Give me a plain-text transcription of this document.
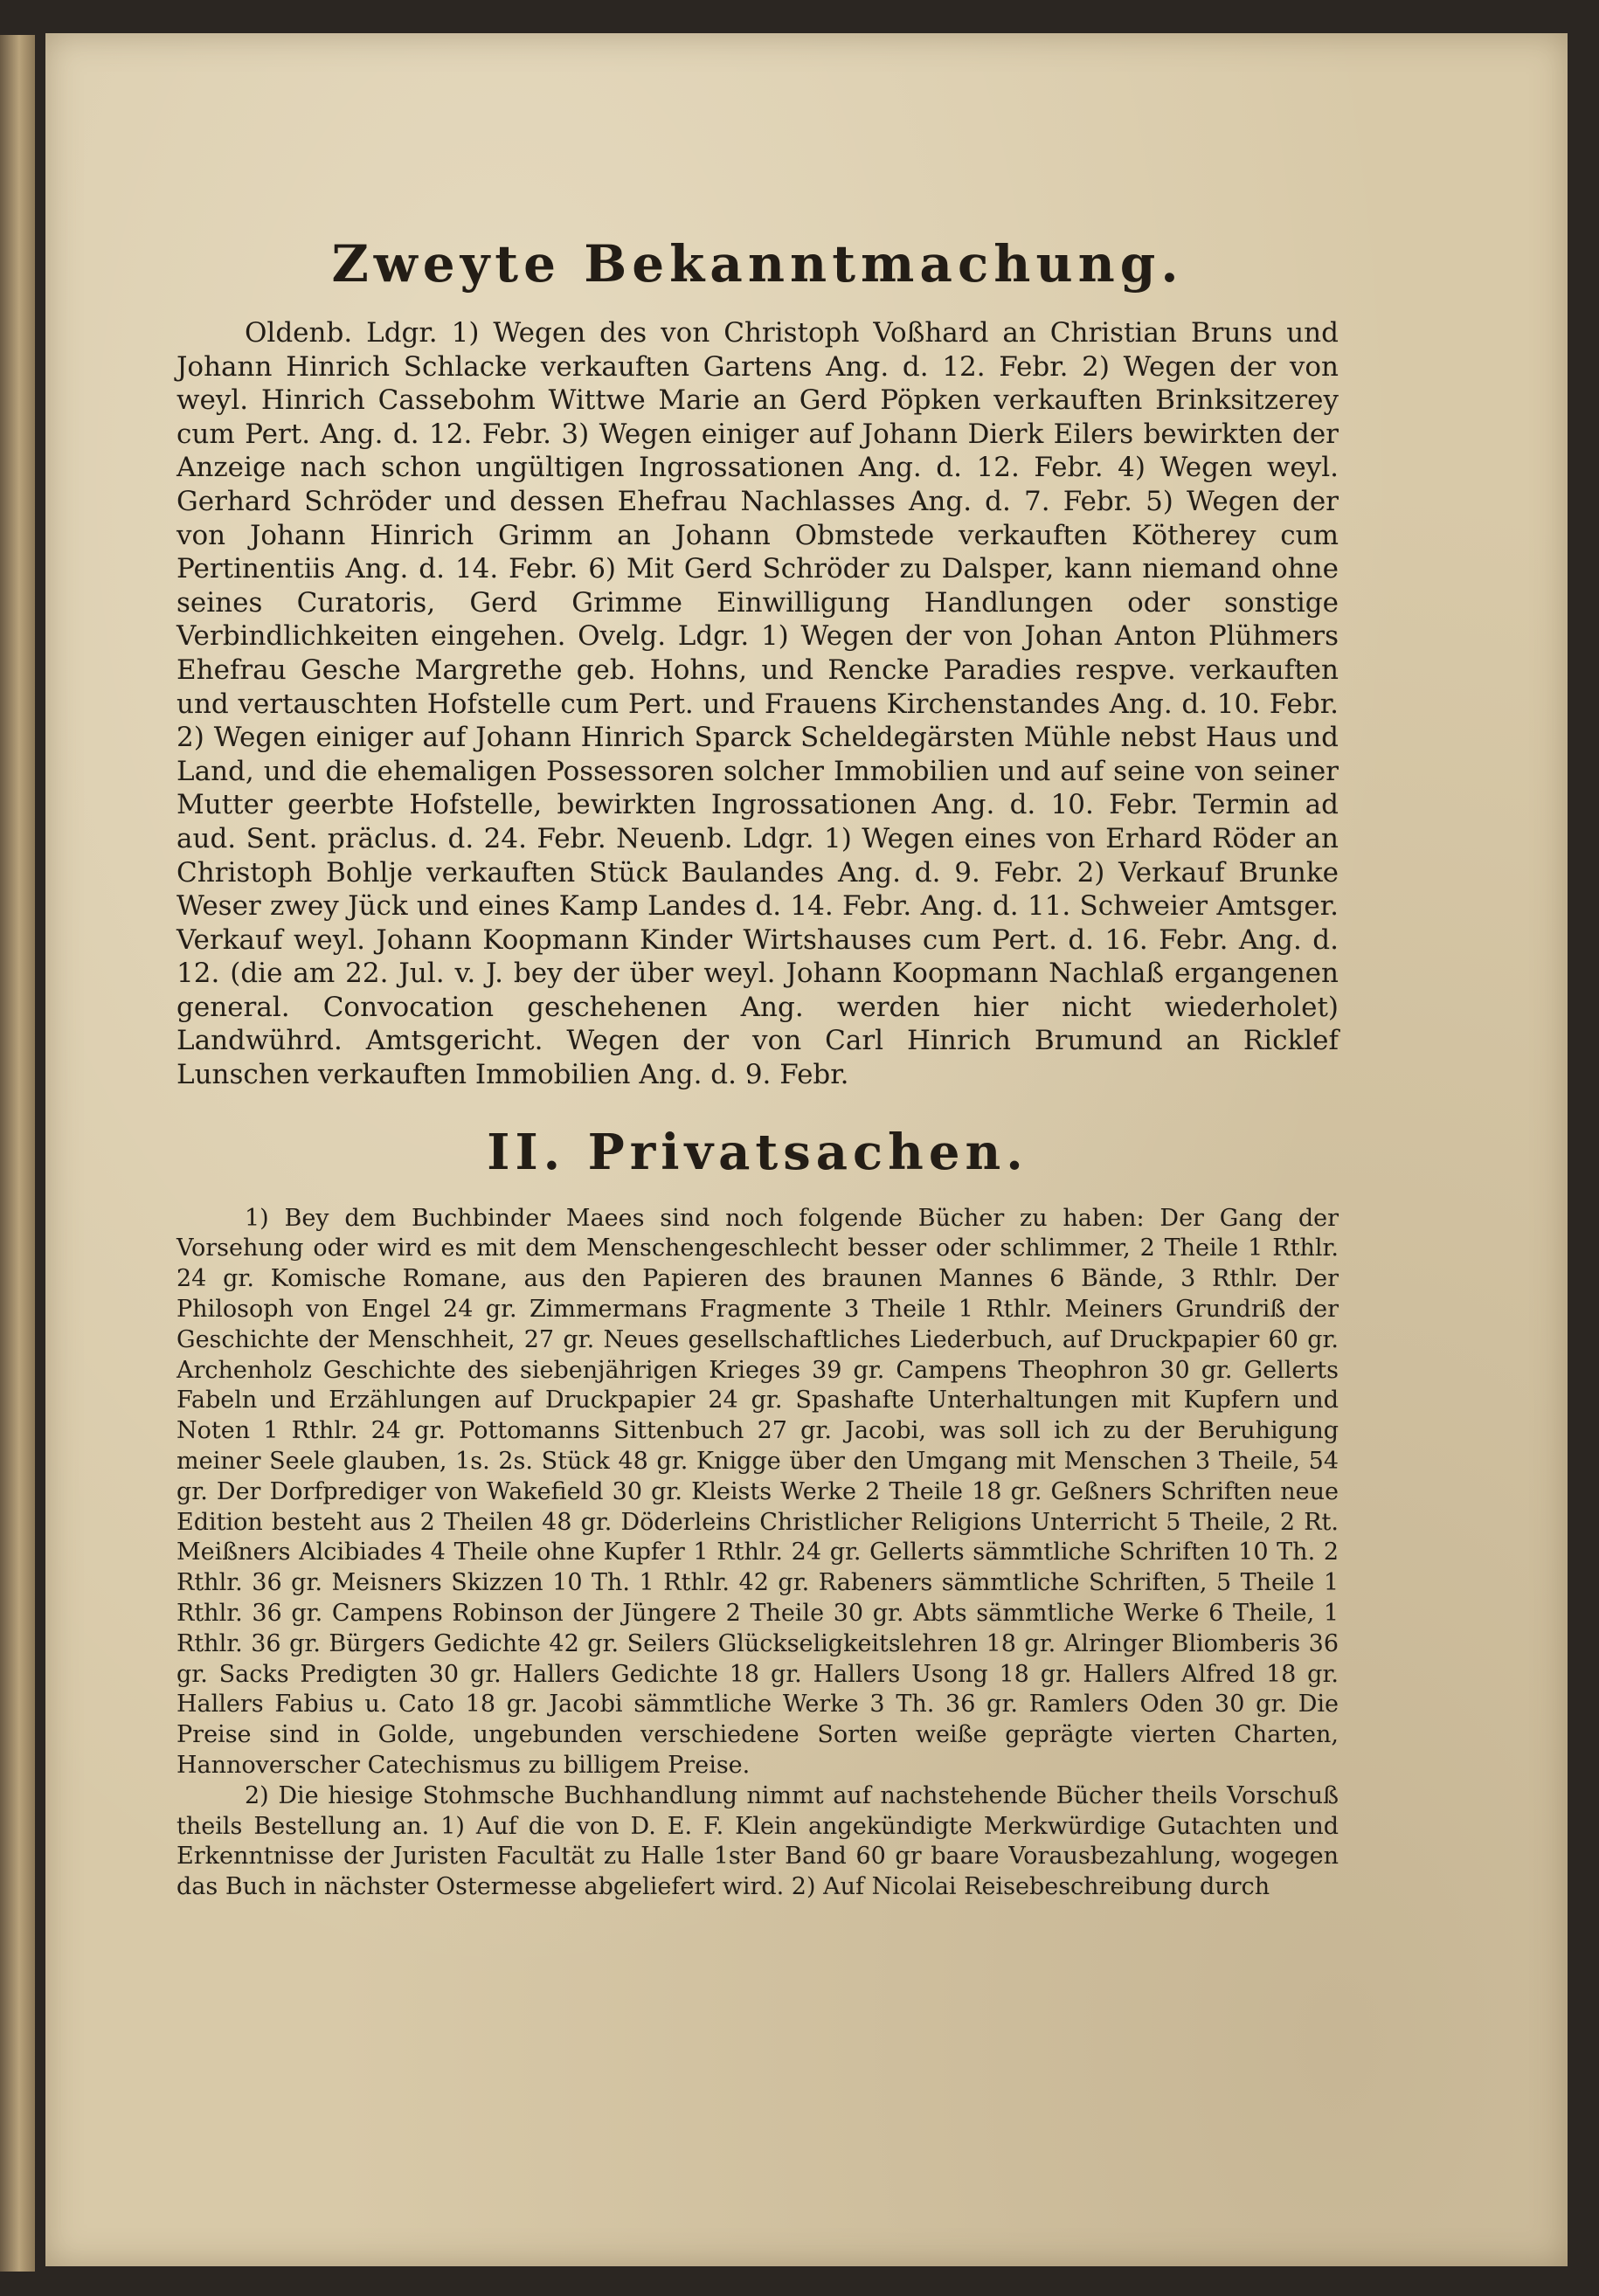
Zweyte Bekanntmachung.

Oldenb. Ldgr. 1) Wegen des von Christoph Voßhard an Christian Bruns und Johann Hinrich Schlacke verkauften Gartens Ang. d. 12. Febr. 2) Wegen der von weyl. Hinrich Cassebohm Wittwe Marie an Gerd Pöpken verkauften Brinksitzerey cum Pert. Ang. d. 12. Febr. 3) Wegen einiger auf Johann Dierk Eilers bewirkten der Anzeige nach schon ungültigen Ingrossationen Ang. d. 12. Febr. 4) Wegen weyl. Gerhard Schröder und dessen Ehefrau Nachlasses Ang. d. 7. Febr. 5) Wegen der von Johann Hinrich Grimm an Johann Obmstede verkauften Kötherey cum Pertinentiis Ang. d. 14. Febr. 6) Mit Gerd Schröder zu Dalsper, kann niemand ohne seines Curatoris, Gerd Grimme Einwilligung Handlungen oder sonstige Verbindlichkeiten eingehen. Ovelg. Ldgr. 1) Wegen der von Johan Anton Plühmers Ehefrau Gesche Margrethe geb. Hohns, und Rencke Paradies respve. verkauften und vertauschten Hofstelle cum Pert. und Frauens Kirchenstandes Ang. d. 10. Febr. 2) Wegen einiger auf Johann Hinrich Sparck Scheldegärsten Mühle nebst Haus und Land, und die ehemaligen Possessoren solcher Immobilien und auf seine von seiner Mutter geerbte Hofstelle, bewirkten Ingrossationen Ang. d. 10. Febr. Termin ad aud. Sent. präclus. d. 24. Febr. Neuenb. Ldgr. 1) Wegen eines von Erhard Röder an Christoph Bohlje verkauften Stück Baulandes Ang. d. 9. Febr. 2) Verkauf Brunke Weser zwey Jück und eines Kamp Landes d. 14. Febr. Ang. d. 11. Schweier Amtsger. Verkauf weyl. Johann Koopmann Kinder Wirtshauses cum Pert. d. 16. Febr. Ang. d. 12. (die am 22. Jul. v. J. bey der über weyl. Johann Koopmann Nachlaß ergangenen general. Convocation geschehenen Ang. werden hier nicht wiederholet) Landwührd. Amtsgericht. Wegen der von Carl Hinrich Brumund an Ricklef Lunschen verkauften Immobilien Ang. d. 9. Febr.

II. Privatsachen.

1) Bey dem Buchbinder Maees sind noch folgende Bücher zu haben: Der Gang der Vorsehung oder wird es mit dem Menschengeschlecht besser oder schlimmer, 2 Theile 1 Rthlr. 24 gr. Komische Romane, aus den Papieren des braunen Mannes 6 Bände, 3 Rthlr. Der Philosoph von Engel 24 gr. Zimmermans Fragmente 3 Theile 1 Rthlr. Meiners Grundriß der Geschichte der Menschheit, 27 gr. Neues gesellschaftliches Liederbuch, auf Druckpapier 60 gr. Archenholz Geschichte des siebenjährigen Krieges 39 gr. Campens Theophron 30 gr. Gellerts Fabeln und Erzählungen auf Druckpapier 24 gr. Spashafte Unterhaltungen mit Kupfern und Noten 1 Rthlr. 24 gr. Pottomanns Sittenbuch 27 gr. Jacobi, was soll ich zu der Beruhigung meiner Seele glauben, 1s. 2s. Stück 48 gr. Knigge über den Umgang mit Menschen 3 Theile, 54 gr. Der Dorfprediger von Wakefield 30 gr. Kleists Werke 2 Theile 18 gr. Geßners Schriften neue Edition besteht aus 2 Theilen 48 gr. Döderleins Christlicher Religions Unterricht 5 Theile, 2 Rt. Meißners Alcibiades 4 Theile ohne Kupfer 1 Rthlr. 24 gr. Gellerts sämmtliche Schriften 10 Th. 2 Rthlr. 36 gr. Meisners Skizzen 10 Th. 1 Rthlr. 42 gr. Rabeners sämmtliche Schriften, 5 Theile 1 Rthlr. 36 gr. Campens Robinson der Jüngere 2 Theile 30 gr. Abts sämmtliche Werke 6 Theile, 1 Rthlr. 36 gr. Bürgers Gedichte 42 gr. Seilers Glückseligkeitslehren 18 gr. Alringer Bliomberis 36 gr. Sacks Predigten 30 gr. Hallers Gedichte 18 gr. Hallers Usong 18 gr. Hallers Alfred 18 gr. Hallers Fabius u. Cato 18 gr. Jacobi sämmtliche Werke 3 Th. 36 gr. Ramlers Oden 30 gr. Die Preise sind in Golde, ungebunden verschiedene Sorten weiße geprägte vierten Charten, Hannoverscher Catechismus zu billigem Preise.

2) Die hiesige Stohmsche Buchhandlung nimmt auf nachstehende Bücher theils Vorschuß theils Bestellung an. 1) Auf die von D. E. F. Klein angekündigte Merkwürdige Gutachten und Erkenntnisse der Juristen Facultät zu Halle 1ster Band 60 gr baare Vorausbezahlung, wogegen das Buch in nächster Ostermesse abgeliefert wird. 2) Auf Nicolai Reisebeschreibung durch
